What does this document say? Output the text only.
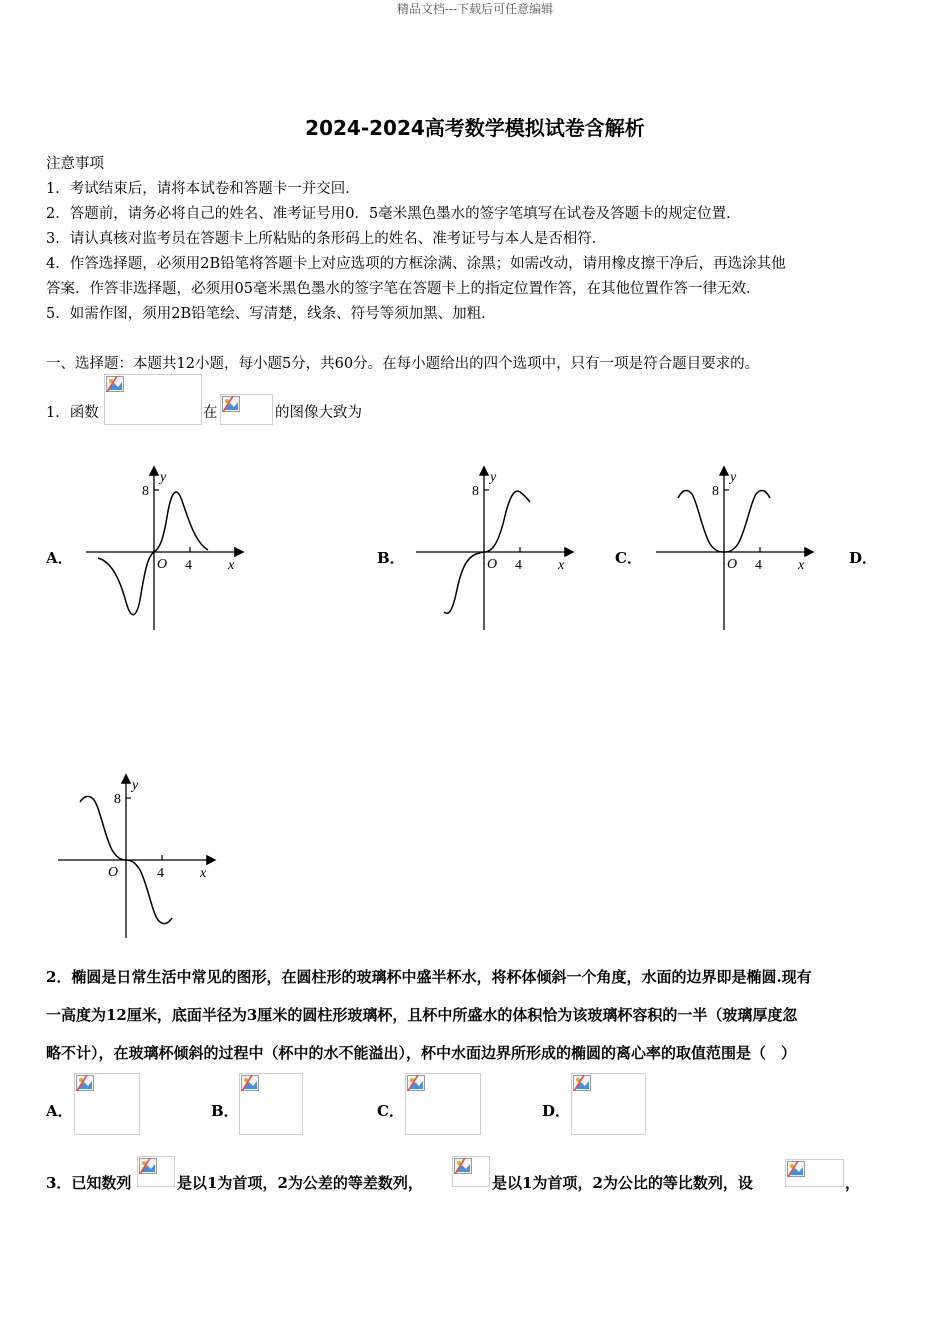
精品文档---下载后可任意编辑
2024-2024高考数学模拟试卷含解析
注意事项
1．考试结束后，请将本试卷和答题卡一并交回．
2．答题前，请务必将自己的姓名、准考证号用0．5毫米黑色墨水的签字笔填写在试卷及答题卡的规定位置．
3．请认真核对监考员在答题卡上所粘贴的条形码上的姓名、准考证号与本人是否相符．
4．作答选择题，必须用2B铅笔将答题卡上对应选项的方框涂满、涂黑；如需改动，请用橡皮擦干净后，再选涂其他
答案．作答非选择题，必须用05毫米黑色墨水的签字笔在答题卡上的指定位置作答，在其他位置作答一律无效．
5．如需作图，须用2B铅笔绘、写清楚，线条、符号等须加黑、加粗．
一、选择题：本题共12小题，每小题5分，共60分。在每小题给出的四个选项中，只有一项是符合题目要求的。
1．函数	在	的图像大致为
A．	B．	C．	D．
8
y
O 4	x
8
y
O 4	x
8
y
O 4	x
8
y
O	4	x
2．椭圆是日常生活中常见的图形，在圆柱形的玻璃杯中盛半杯水，将杯体倾斜一个角度，水面的边界即是椭圆.现有
一高度为12厘米，底面半径为3厘米的圆柱形玻璃杯，且杯中所盛水的体积恰为该玻璃杯容积的一半（玻璃厚度忽
略不计），在玻璃杯倾斜的过程中（杯中的水不能溢出），杯中水面边界所形成的椭圆的离心率的取值范围是（　）
A．	B．	C．	D．
3．已知数列	是以1为首项，2为公差的等差数列，	是以1为首项，2为公比的等比数列，设	，
